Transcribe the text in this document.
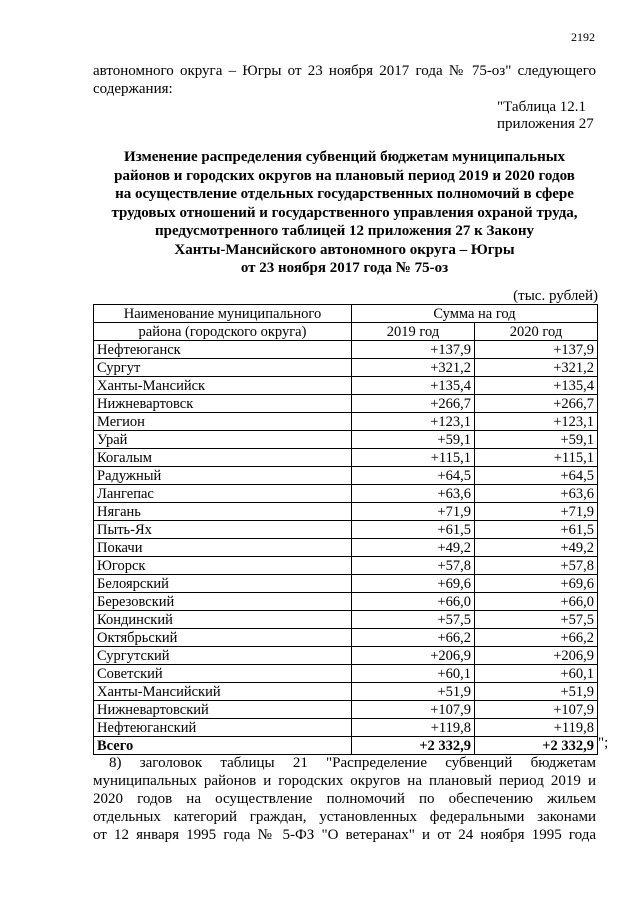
2192
автономного округа – Югры от 23 ноября 2017 года № 75-оз" следующего
содержания:
"Таблица 12.1
приложения 27
Изменение распределения субвенций бюджетам муниципальных
районов и городских округов на плановый период 2019 и 2020 годов
на осуществление отдельных государственных полномочий в сфере
трудовых отношений и государственного управления охраной труда,
предусмотренного таблицей 12 приложения 27 к Закону
Ханты-Мансийского автономного округа – Югры
от 23 ноября 2017 года № 75-оз
(тыс. рублей)
Наименование муниципального	Сумма на год	
района (городского округа)	2019 год	2020 год
Нефтеюганск	+137,9	+137,9
Сургут	+321,2	+321,2
Ханты-Мансийск	+135,4	+135,4
Нижневартовск	+266,7	+266,7
Мегион	+123,1	+123,1
Урай	+59,1	+59,1
Когалым	+115,1	+115,1
Радужный	+64,5	+64,5
Лангепас	+63,6	+63,6
Нягань	+71,9	+71,9
Пыть-Ях	+61,5	+61,5
Покачи	+49,2	+49,2
Югорск	+57,8	+57,8
Белоярский	+69,6	+69,6
Березовский	+66,0	+66,0
Кондинский	+57,5	+57,5
Октябрьский	+66,2	+66,2
Сургутский	+206,9	+206,9
Советский	+60,1	+60,1
Ханты-Мансийский	+51,9	+51,9
Нижневартовский	+107,9	+107,9
Нефтеюганский	+119,8	+119,8
Всего	+2 332,9	+2 332,9 ";
8) заголовок таблицы 21 "Распределение субвенций бюджетам
муниципальных районов и городских округов на плановый период 2019 и
2020 годов на осуществление полномочий по обеспечению жильем
отдельных категорий граждан, установленных федеральными законами
от 12 января 1995 года № 5-ФЗ "О ветеранах" и от 24 ноября 1995 года
